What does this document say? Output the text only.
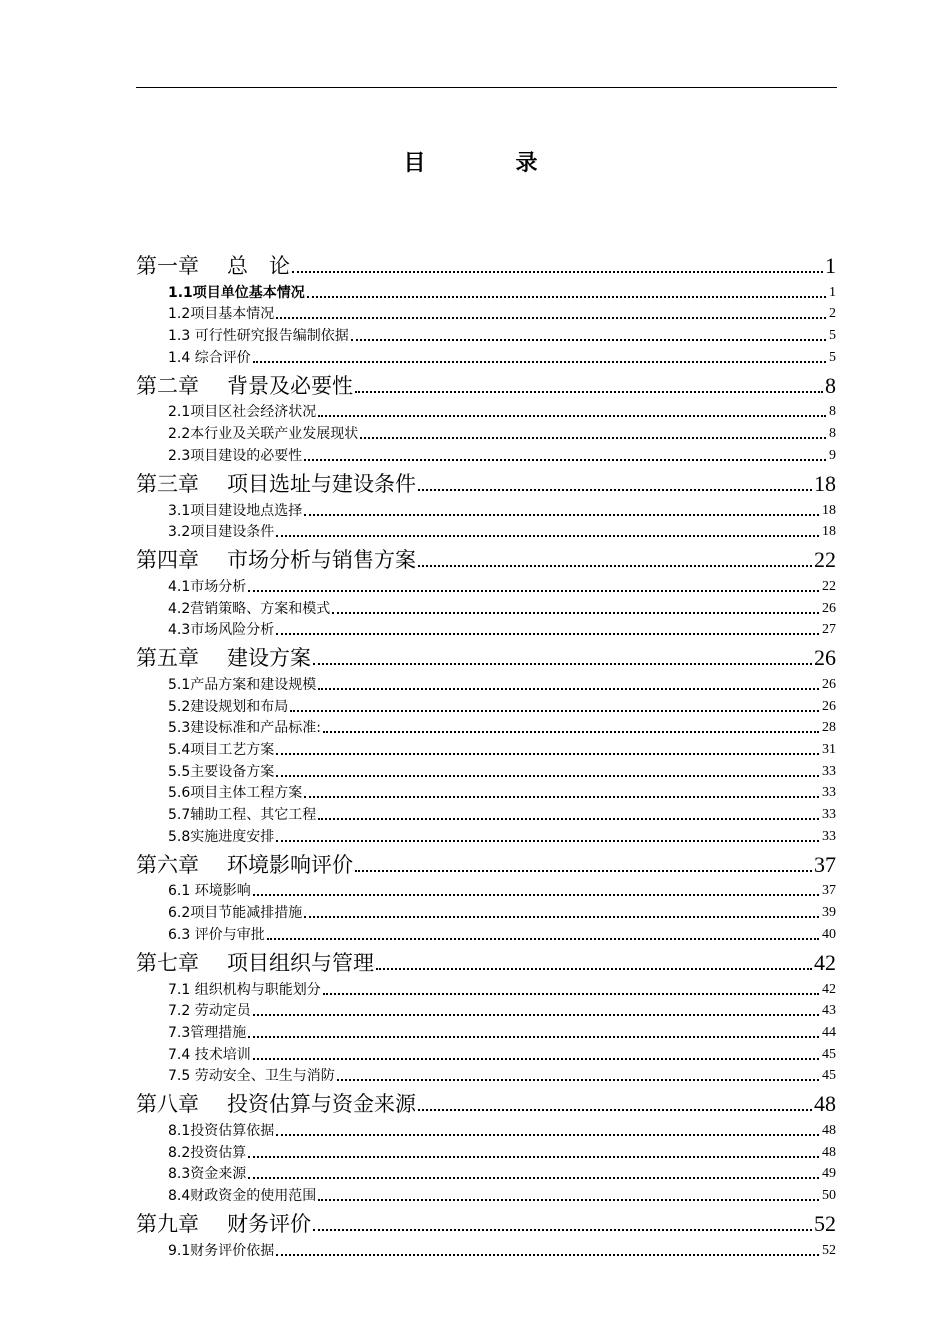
目　录
第一章 总　论	1
1.1项目单位基本情况	1
1.2项目基本情况	2
1.3 可行性研究报告编制依据	5
1.4 综合评价	5
第二章 背景及必要性	8
2.1项目区社会经济状况	8
2.2本行业及关联产业发展现状	8
2.3项目建设的必要性	9
第三章 项目选址与建设条件	18
3.1项目建设地点选择	18
3.2项目建设条件	18
第四章 市场分析与销售方案	22
4.1市场分析	22
4.2营销策略、方案和模式	26
4.3市场风险分析	27
第五章 建设方案	26
5.1产品方案和建设规模	26
5.2建设规划和布局	26
5.3建设标准和产品标准:	28
5.4项目工艺方案	31
5.5主要设备方案	33
5.6项目主体工程方案	33
5.7辅助工程、其它工程	33
5.8实施进度安排	33
第六章 环境影响评价	37
6.1 环境影响	37
6.2项目节能减排措施	39
6.3 评价与审批	40
第七章 项目组织与管理	42
7.1 组织机构与职能划分	42
7.2 劳动定员	43
7.3管理措施	44
7.4 技术培训	45
7.5 劳动安全、卫生与消防	45
第八章 投资估算与资金来源	48
8.1投资估算依据	48
8.2投资估算	48
8.3资金来源	49
8.4财政资金的使用范围	50
第九章 财务评价	52
9.1财务评价依据	52
